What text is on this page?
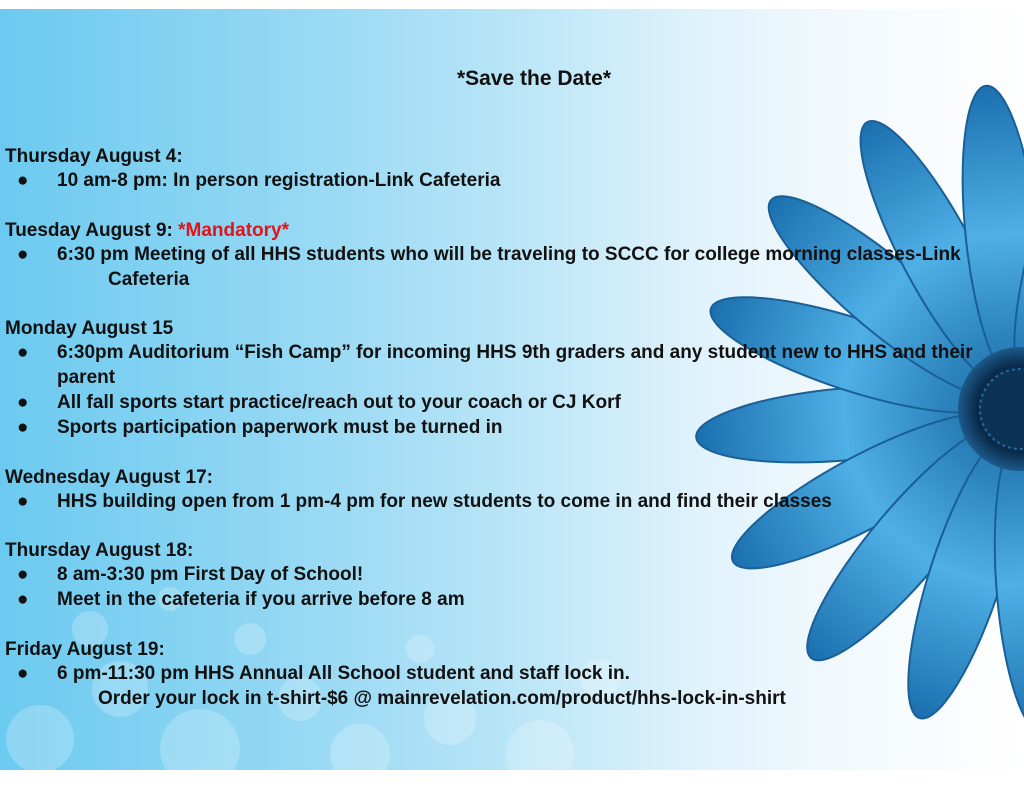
*Save the Date*

Thursday August 4:

● 10 am-8 pm: In person registration-Link Cafeteria

Tuesday August 9: *Mandatory*

● 6:30 pm Meeting of all HHS students who will be traveling to SCCC for college morning classes-Link
Cafeteria

Monday August 15

● 6:30pm Auditorium “Fish Camp” for incoming HHS 9th graders and any student new to HHS and their
parent
● All fall sports start practice/reach out to your coach or CJ Korf
● Sports participation paperwork must be turned in

Wednesday August 17:

● HHS building open from 1 pm-4 pm for new students to come in and find their classes

Thursday August 18:

● 8 am-3:30 pm First Day of School!
● Meet in the cafeteria if you arrive before 8 am

Friday August 19:

● 6 pm-11:30 pm HHS Annual All School student and staff lock in.
Order your lock in t-shirt-$6 @ mainrevelation.com/product/hhs-lock-in-shirt
